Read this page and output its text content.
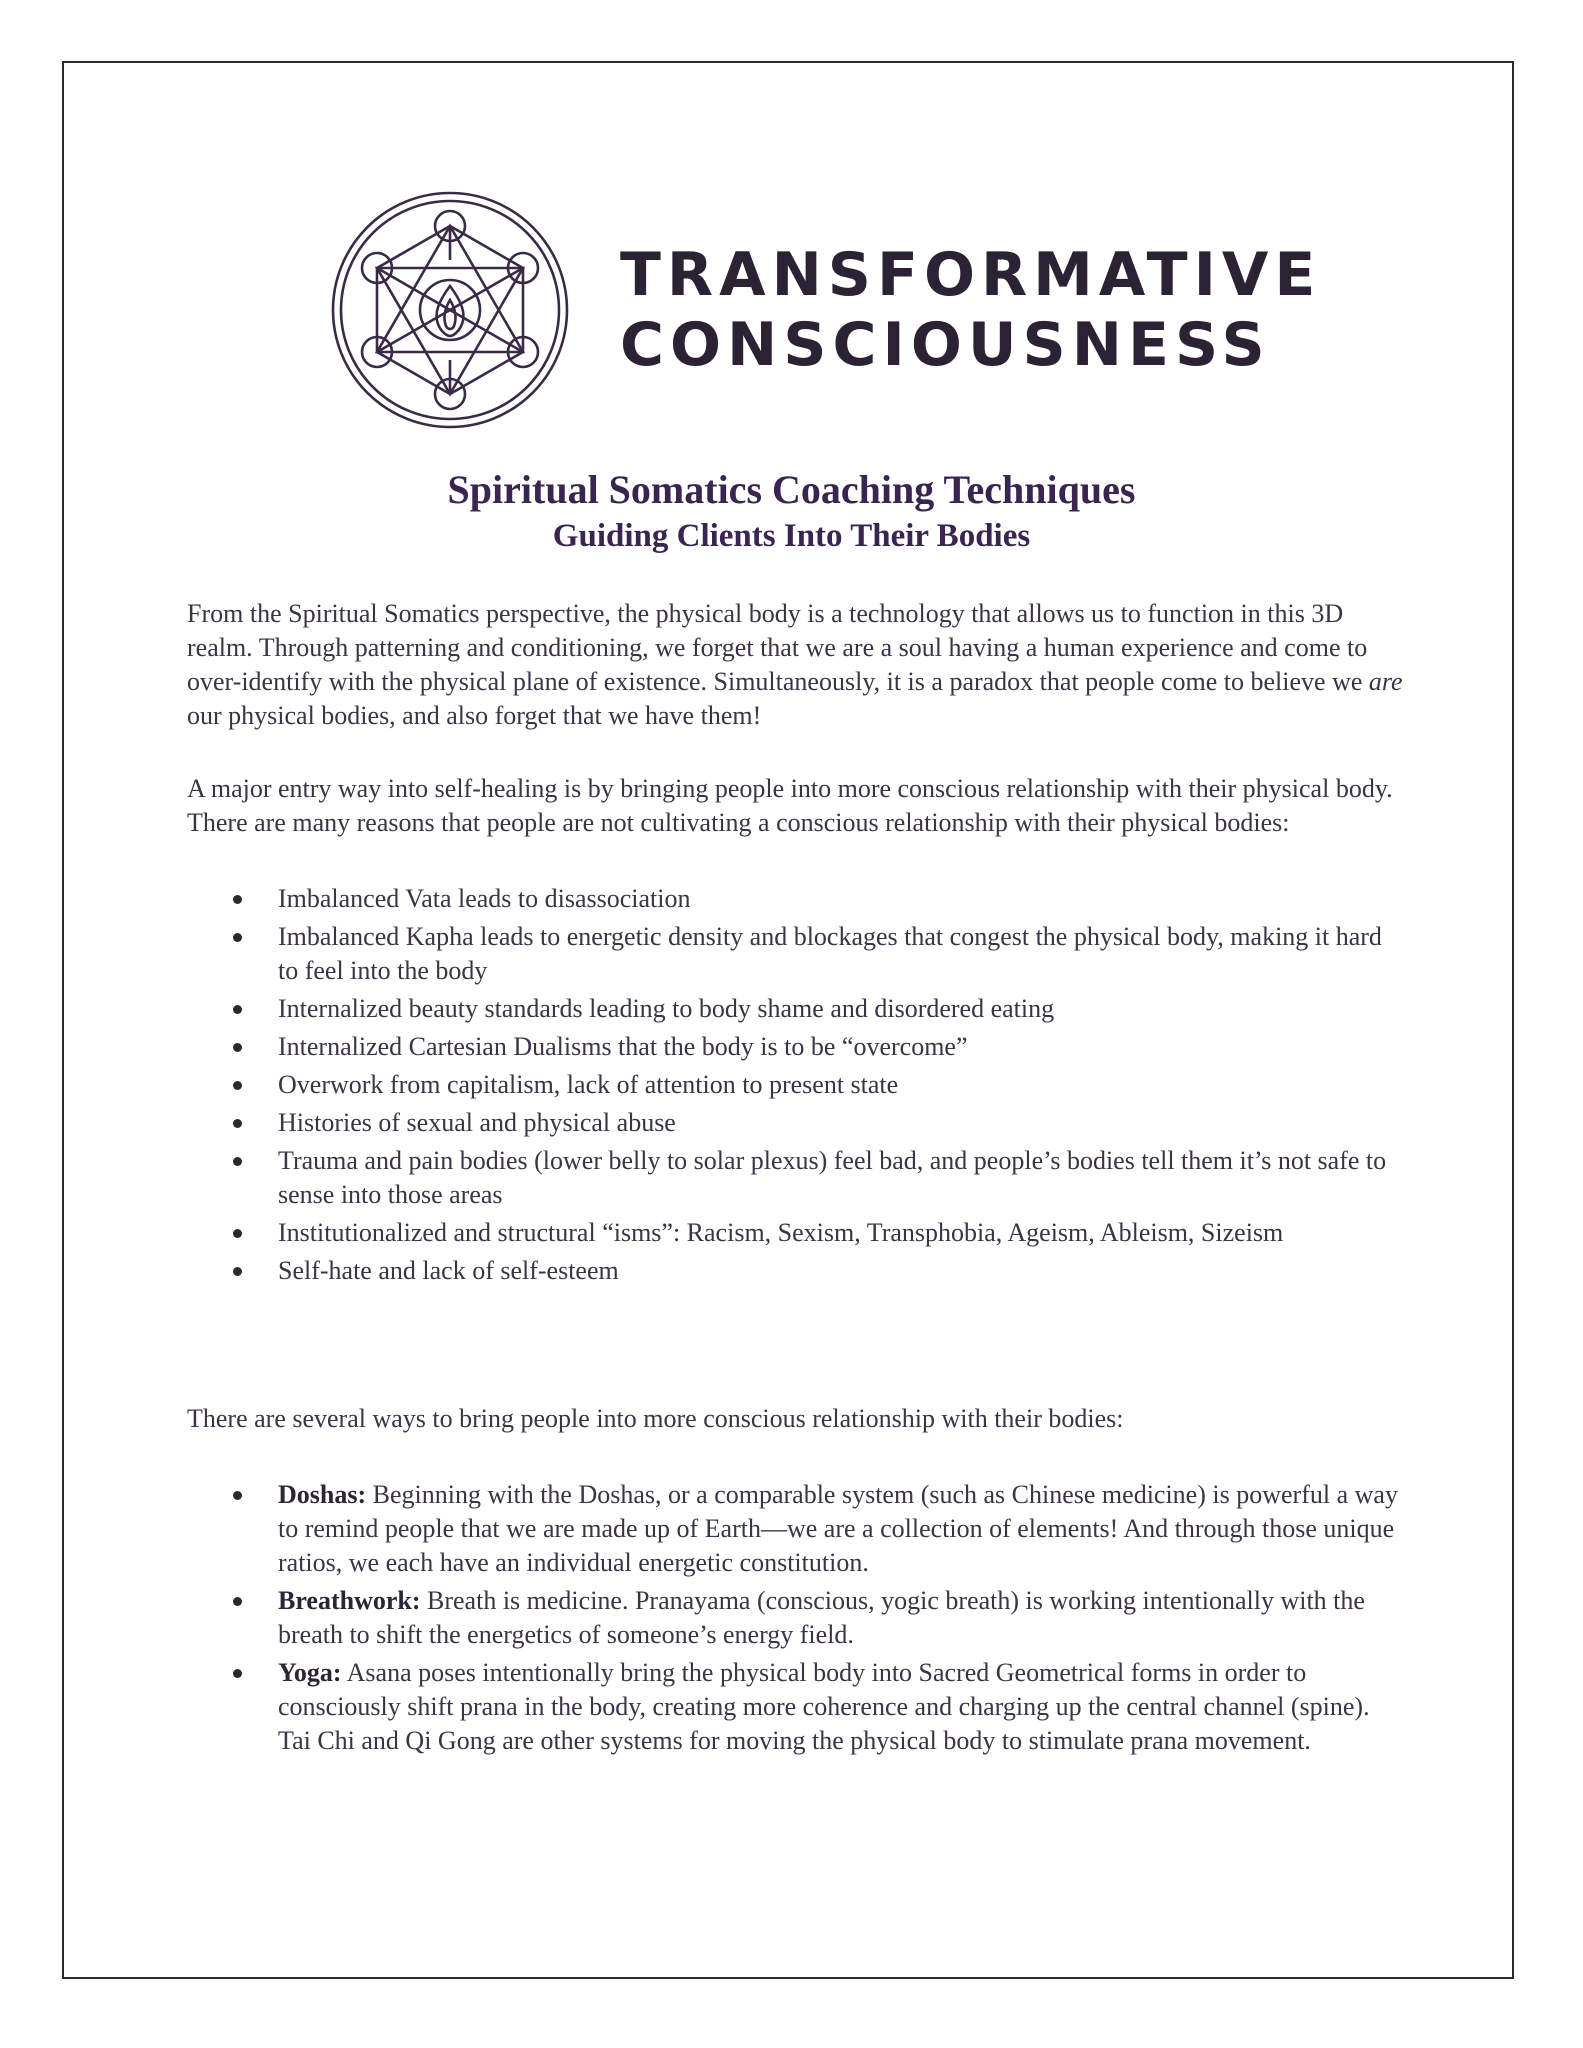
TRANSFORMATIVE
CONSCIOUSNESS
Spiritual Somatics Coaching Techniques
Guiding Clients Into Their Bodies
From the Spiritual Somatics perspective, the physical body is a technology that allows us to function in this 3D realm. Through patterning and conditioning, we forget that we are a soul having a human experience and come to over-identify with the physical plane of existence. Simultaneously, it is a paradox that people come to believe we are our physical bodies, and also forget that we have them!
A major entry way into self-healing is by bringing people into more conscious relationship with their physical body. There are many reasons that people are not cultivating a conscious relationship with their physical bodies:
Imbalanced Vata leads to disassociation
Imbalanced Kapha leads to energetic density and blockages that congest the physical body, making it hard to feel into the body
Internalized beauty standards leading to body shame and disordered eating
Internalized Cartesian Dualisms that the body is to be “overcome”
Overwork from capitalism, lack of attention to present state
Histories of sexual and physical abuse
Trauma and pain bodies (lower belly to solar plexus) feel bad, and people’s bodies tell them it’s not safe to sense into those areas
Institutionalized and structural “isms”: Racism, Sexism, Transphobia, Ageism, Ableism, Sizeism
Self-hate and lack of self-esteem
There are several ways to bring people into more conscious relationship with their bodies:
Doshas: Beginning with the Doshas, or a comparable system (such as Chinese medicine) is powerful a way to remind people that we are made up of Earth—we are a collection of elements! And through those unique ratios, we each have an individual energetic constitution.
Breathwork: Breath is medicine. Pranayama (conscious, yogic breath) is working intentionally with the breath to shift the energetics of someone’s energy field.
Yoga: Asana poses intentionally bring the physical body into Sacred Geometrical forms in order to consciously shift prana in the body, creating more coherence and charging up the central channel (spine). Tai Chi and Qi Gong are other systems for moving the physical body to stimulate prana movement.
